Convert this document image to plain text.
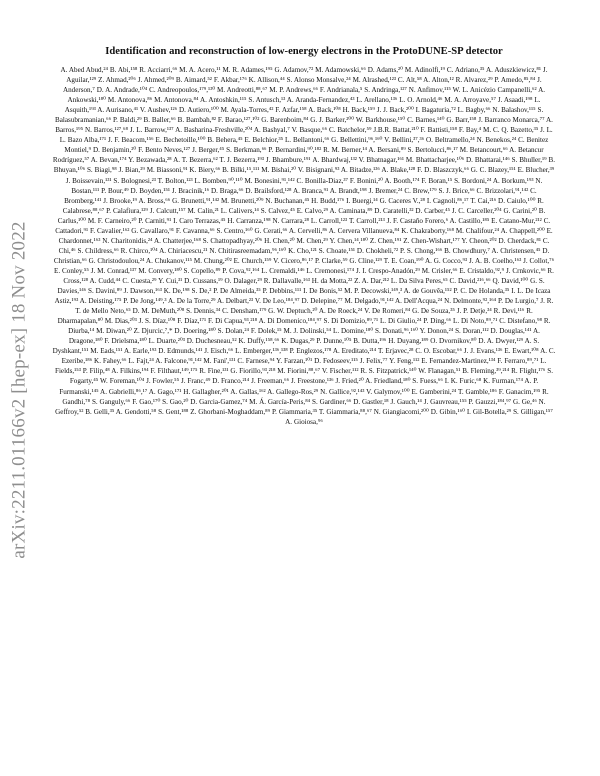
arXiv:2211.01166v2 [hep-ex] 18 Nov 2022
Identification and reconstruction of low-energy electrons in the ProtoDUNE-SP detector

A. Abed Abud,²⁴ B. Abi,¹⁵⁸ R. Acciarri,⁶⁶ M. A. Acero,¹¹ M. R. Adames,¹⁹⁵ G. Adamov,⁷² M. Adamowski,⁶⁶ D. Adams,²⁰ M. Adinolfi,¹⁹ C. Adriano,³⁵ A. Aduszkiewicz,⁸¹ J. Aguilar,¹²⁹ Z. Ahmad,²⁰⁶ J. Ahmed,²⁰⁹ B. Aimard,⁵² F. Akbar,¹⁷⁶ K. Allison,⁴⁴ S. Alonso Monsalve,²⁴ M. Alrashed,¹²³ C. Alt,⁵⁸ A. Alton,¹² R. Alvarez,²⁹ P. Amedo,⁸⁵,⁸⁴ J. Anderson,⁷ D. A. Andrade,¹⁰⁴ C. Andreopoulos,¹⁷⁹,¹³⁰ M. Andreotti,⁸⁸,⁶⁷ M. P. Andrews,⁶⁶ F. Andrianala,⁵ S. Andringa,¹²⁷ N. Anfimov,¹¹⁵ W. L. Anicézio Campanelli,⁶² A. Ankowski,¹⁸⁰ M. Antonova,⁸⁶ M. Antonova,⁸⁴ A. Antoshkin,¹¹⁵ S. Antusch,¹³ A. Aranda-Fernandez,⁴³ L. Arellano,¹³⁶ L. O. Arnold,⁴⁶ M. A. Arroyave,⁵⁷ J. Asaadi,¹⁹⁸ L. Asquith,¹⁹³ A. Aurisano,⁴¹ V. Aushev,¹²⁶ D. Autiero,¹⁰⁰ M. Ayala-Torres,⁴² F. Azfar,¹⁵⁸ A. Back,¹⁰⁸ H. Back,¹⁵⁹ J. J. Back,²⁰⁰ I. Bagaturia,⁷² L. Bagby,⁶⁶ N. Balashov,¹¹⁵ S. Balasubramanian,⁶⁶ P. Baldi,²⁹ B. Baller,⁶⁶ B. Bambah,⁸² F. Barao,¹²⁷,¹⁰² G. Barenboim,⁸⁴ G. J. Barker,²⁰⁰ W. Barkhouse,¹⁵⁰ C. Barnes,¹⁴⁰ G. Barr,¹⁵⁸ J. Barranco Monarca,⁷⁷ A. Barros,¹⁹⁵ N. Barros,¹²⁷,⁶⁸ J. L. Barrow,¹³⁷ A. Basharina-Freshville,²⁰⁴ A. Bashyal,⁷ V. Basque,⁶⁶ C. Batchelor,⁵⁹ J.B.R. Battat,²¹⁰ F. Battisti,¹⁵⁸ F. Bay,⁴ M. C. Q. Bazetto,³⁵ J. L. L. Bazo Alba,¹⁷¹ J. F. Beacom,¹⁵⁶ E. Bechetoille,¹⁰⁰ B. Behera,⁴⁵ E. Belchior,³⁵ L. Bellantoni,⁶⁶ G. Bellettini,⁹⁶,¹⁶⁰ V. Bellini,³⁷,³⁶ O. Beltramello,²⁴ N. Benekos,²⁴ C. Benitez Montiel,⁹ D. Benjamin,²⁰ F. Bento Neves,¹²⁷ J. Berger,⁴⁵ S. Berkman,⁶⁶ P. Bernardini,⁹⁰,¹⁸² R. M. Berner,¹⁴ A. Bersani,⁸⁹ S. Bertolucci,⁸⁶,¹⁷ M. Betancourt,⁶⁶ A. Betancur Rodríguez,⁵⁷ A. Bevan,¹⁷⁴ Y. Bezawada,²⁸ A. T. Bezerra,⁶² T. J. Bezerra,¹⁹³ J. Bhamburе,¹⁹¹ A. Bhardwaj,¹³² V. Bhatnagar,¹⁶¹ M. Bhattacharjee,¹⁰⁶ D. Bhattarai,¹⁴⁶ S. Bhuller,¹⁹ B. Bhuyan,¹⁰⁶ S. Biagi,⁹⁸ J. Bian,²⁹ M. Biassoni,⁹¹ K. Biery,⁶⁶ B. Bilki,¹⁵,¹¹¹ M. Bishai,²⁰ V. Bisignani,⁹³ A. Bitadze,¹³⁶ A. Blake,¹²⁸ F. D. Blaszczyk,⁶⁶ G. C. Blazey,¹⁵¹ E. Blucher,³⁹ J. Boissevain,¹³¹ S. Bolognesi,²³ T. Bolton,¹²³ L. Bomben,⁹⁰,¹¹⁰ M. Bonesini,⁹¹,¹⁴² C. Bonilla-Diaz,³⁷ F. Bonini,²⁰ A. Booth,¹⁷⁴ F. Boran,¹⁵ S. Bordoni,²⁴ A. Borkum,¹⁹³ N. Bostan,¹¹¹ P. Bour,⁴⁹ D. Boyden,¹⁵¹ J. Bracinik,¹⁶ D. Braga,⁶⁶ D. Brailsford,¹²⁸ A. Branca,⁹¹ A. Brandt,¹⁹⁸ J. Bremer,²⁴ C. Brew,¹⁷⁹ S. J. Brice,⁶⁶ C. Brizzolari,⁹¹,¹⁴² C. Bromberg,¹⁴¹ J. Brooke,¹⁹ A. Bross,⁶⁶ G. Brunetti,⁹¹,¹⁴² M. Brunetti,²⁰⁹ N. Buchanan,⁴⁵ H. Budd,¹⁷⁶ I. Buergi,¹⁴ G. Caceres V.,²⁸ I. Cagnoli,⁸⁶,¹⁷ T. Cai,²¹⁶ D. Caiulo,¹⁰⁰ R. Calabrese,⁸⁸,⁶⁷ P. Calafiura,¹²⁹ J. Calcutt,¹⁵⁷ M. Calin,²¹ L. Calivers,¹⁴ S. Calvez,⁴⁵ E. Calvo,²⁹ A. Caminata,⁸⁹ D. Caratelli,³² D. Carber,⁴⁵ J. C. Carceller,²⁰⁴ G. Carini,²⁰ B. Carlus,¹⁰⁰ M. F. Carneiro,²⁰ P. Carniti,⁹¹ I. Caro Terrazas,⁴⁵ H. Carranza,¹⁹⁸ N. Carrara,²⁸ L. Carroll,¹²³ T. Carroll,²¹³ J. F. Castaño Forero,⁶ A. Castillo,¹⁸⁵ E. Catano-Mur,²¹² C. Cattadori,⁹¹ F. Cavalier,¹⁶² G. Cavallaro,⁹¹ F. Cavanna,⁶⁶ S. Centro,¹⁶⁰ G. Cerati,⁶⁶ A. Cervelli,⁸⁶ A. Cervera Villanueva,⁸⁴ K. Chakraborty,¹⁶⁸ M. Chalifour,²⁴ A. Chappell,²⁰⁰ E. Chardonnet,¹⁶³ N. Charitonidis,²⁴ A. Chatterjee,¹⁶⁸ S. Chattopadhyay,²⁰⁶ H. Chen,²⁰ M. Chen,²⁹ Y. Chen,¹⁴,¹⁸⁰ Z. Chen,¹⁹¹ Z. Chen-Wishart,¹⁷⁷ Y. Cheon,²⁰² D. Cherdack,⁸¹ C. Chi,⁴⁶ S. Childress,⁶⁶ R. Chirco,¹⁰⁴ A. Chiriacescu,²¹ N. Chitirasreemadam,⁹⁶,¹⁶⁰ K. Cho,¹²¹ S. Choate,¹⁵¹ D. Chokheli,⁷² P. S. Chong,¹⁶⁶ B. Chowdhury,⁷ A. Christensen,⁴⁵ D. Christian,⁶⁶ G. Christodoulou,²⁴ A. Chukanov,¹¹⁵ M. Chung,²⁰² E. Church,¹⁵⁹ V. Cicero,⁸⁶,¹⁷ P. Clarke,⁵⁹ G. Cline,¹²⁹ T. E. Coan,¹⁹⁰ A. G. Cocco,⁹³ J. A. B. Coelho,¹⁶³ J. Collot,⁷⁶ E. Conley,⁵⁵ J. M. Conrad,¹³⁷ M. Convery,¹⁸⁰ S. Copello,⁸⁹ P. Cova,⁹²,¹⁶⁴ L. Cremaldi,¹⁴⁶ L. Cremonesi,¹⁷⁴ J. I. Crespo-Anadón,²⁹ M. Crisler,⁶⁶ E. Cristaldo,⁹²,⁹ J. Crnkovic,⁶⁶ R. Cross,¹²⁸ A. Cudd,⁴⁴ C. Cuesta,²⁹ Y. Cui,³¹ D. Cussans,¹⁹ O. Dalager,²⁹ R. Dallavalle,¹⁶³ H. da Motta,²² Z. A. Dar,²¹² L. Da Silva Peres,⁶⁵ C. David,²¹⁶,⁶⁶ Q. David,¹⁰⁰ G. S. Davies,¹⁴⁶ S. Davini,⁸⁹ J. Dawson,¹⁶³ K. De,¹⁹⁸ S. De,² P. De Almeida,³⁵ P. Debbins,¹¹¹ I. De Bonis,⁵² M. P. Decowski,¹⁴⁹,³ A. de Gouvêa,¹⁵² P. C. De Holanda,³⁵ I. L. De Icaza Astiz,¹⁹³ A. Deisting,¹⁷⁵ P. De Jong,¹⁴⁹,³ A. De la Torre,²⁹ A. Delbart,²³ V. De Leo,¹⁸⁴,⁹⁷ D. Delepine,⁷⁷ M. Delgado,⁹¹,¹⁴² A. Dell'Acqua,²⁴ N. Delmonte,⁹²,¹⁶⁴ P. De Lurgio,⁷ J. R. T. de Mello Neto,⁶⁵ D. M. DeMuth,²⁰⁸ S. Dennis,³⁴ C. Densham,¹⁷⁹ G. W. Deptuch,²⁰ A. De Roeck,²⁴ V. De Romeri,⁸⁴ G. De Souza,³⁵ J. P. Detje,³⁴ R. Devi,¹¹⁶ R. Dharmapalan,⁸⁰ M. Dias,²⁰³ J. S. Díaz,¹⁰⁸ F. Díaz,¹⁷¹ F. Di Capua,⁹³,²¹⁸ A. Di Domenico,¹⁸⁴,⁹⁷ S. Di Domizio,⁸⁹,⁷¹ L. Di Giulio,²⁴ P. Ding,⁶⁶ L. Di Noto,⁸⁹,⁷¹ C. Distefano,⁹⁸ R. Diurba,¹⁴ M. Diwan,²⁰ Z. Djurcic,⁷,* D. Doering,¹⁸⁰ S. Dolan,²⁴ F. Dolek,¹⁵ M. J. Dolinski,⁵⁴ L. Domine,¹⁸⁰ S. Donati,⁹⁶,¹⁶⁰ Y. Donon,²⁴ S. Doran,¹¹² D. Douglas,¹⁴¹ A. Dragone,¹⁸⁰ F. Drielsma,¹⁸⁰ L. Duarte,²⁰³ D. Duchesneau,⁵² K. Duffy,¹⁵⁸,⁶⁶ K. Dugas,²⁹ P. Dunne,¹⁰⁵ B. Dutta,¹⁹⁶ H. Duyang,¹⁸⁹ O. Dvornikov,⁸⁰ D. A. Dwyer,¹²⁹ A. S. Dyshkant,¹⁵¹ M. Eads,¹⁵¹ A. Earle,¹⁹³ D. Edmunds,¹⁴¹ J. Eisch,⁶⁶ L. Emberger,¹³⁶,¹³⁸ P. Englezos,¹⁷⁸ A. Ereditato,²¹⁴ T. Erjavec,²⁸ C. O. Escobar,⁶⁶ J. J. Evans,¹³⁶ E. Ewart,¹⁰⁸ A. C. Ezeribe,¹⁸⁶ K. Fahey,⁶⁶ L. Fajt,²⁴ A. Falcone,⁹¹,¹⁴² M. Fani',¹³¹ C. Farnese,⁹⁴ Y. Farzan,¹⁰¹ D. Fedoseev,¹¹⁵ J. Felix,⁷⁷ Y. Feng,¹¹² E. Fernandez-Martinez,¹³⁴ F. Ferraro,⁸⁹,⁷¹ L. Fields,¹⁵³ P. Filip,⁴⁸ A. Filkins,¹⁹⁴ F. Filthaut,¹⁴⁹,¹⁷⁵ R. Fine,¹³¹ G. Fiorillo,⁹³,²¹⁸ M. Fiorini,⁸⁸,⁶⁷ V. Fischer,¹¹² R. S. Fitzpatrick,¹⁴⁰ W. Flanagan,⁵¹ B. Fleming,³⁹,²¹⁴ R. Flight,¹⁷⁶ S. Fogarty,⁴⁵ W. Foreman,¹⁰⁴ J. Fowler,⁵⁵ J. Franc,⁴⁹ D. Franco,²¹⁴ J. Freeman,⁶⁶ J. Freestone,¹³⁶ J. Fried,²⁰ A. Friedland,¹⁸⁰ S. Fuess,⁶⁶ I. K. Furic,⁶⁸ K. Furman,¹⁷⁴ A. P. Furmanski,¹⁴⁵ A. Gabrielli,⁸⁶,¹⁷ A. Gago,¹⁷¹ H. Gallagher,²⁰¹ A. Gallas,¹⁶² A. Gallego-Ros,²⁹ N. Gallice,⁹²,¹⁴³ V. Galymov,¹⁰⁰ E. Gamberini,²⁴ T. Gamble,¹⁸⁶ F. Ganacim,¹⁹⁵ R. Gandhi,⁷⁸ S. Ganguly,⁶⁶ F. Gao,¹⁷⁰ S. Gao,²⁰ D. Garcia-Gamez,⁷⁴ M. Á. García-Peris,⁸⁴ S. Gardiner,⁶⁶ D. Gastler,¹⁸ J. Gauch,¹⁴ J. Gauvreau,¹⁵⁵ P. Gauzzi,¹⁸⁴,⁹⁷ G. Ge,⁴⁶ N. Geffroy,⁵² B. Gelli,³⁵ A. Gendotti,⁵⁸ S. Gent,¹⁸⁸ Z. Ghorbani-Moghaddam,⁸⁹ P. Giammaria,³⁵ T. Giammaria,⁸⁸,⁶⁷ N. Giangiacomi,²⁰⁰ D. Gibin,¹⁶⁰ I. Gil-Botella,²⁹ S. Gilligan,¹⁵⁷ A. Gioiosa,⁹⁶
